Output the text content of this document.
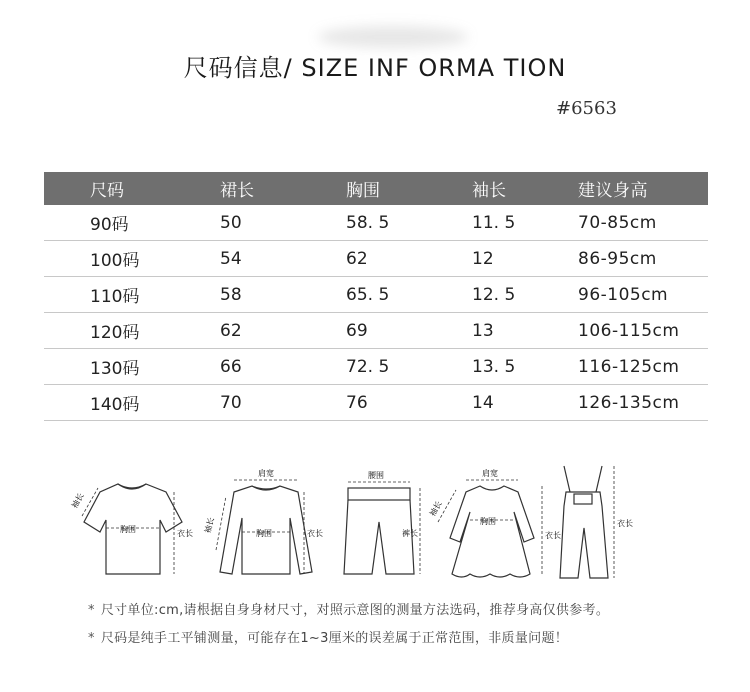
尺码信息/ SIZE INF ORMA TION
#6563
尺码	裙长	胸围	袖长	建议身高
90码	50	58. 5	11. 5	70-85cm
100码	54	62	12	86-95cm
110码	58	65. 5	12. 5	96-105cm
120码	62	69	13	106-115cm
130码	66	72. 5	13. 5	116-125cm
140码	70	76	14	126-135cm
胸围	衣长
袖长
肩宽
胸围	衣长
袖长
腰围
裤长
肩宽
胸围
衣长
袖长
衣长
* 尺寸单位:cm,请根据自身身材尺寸，对照示意图的测量方法选码，推荐身高仅供参考。
* 尺码是纯手工平铺测量，可能存在1~3厘米的误差属于正常范围，非质量问题！
